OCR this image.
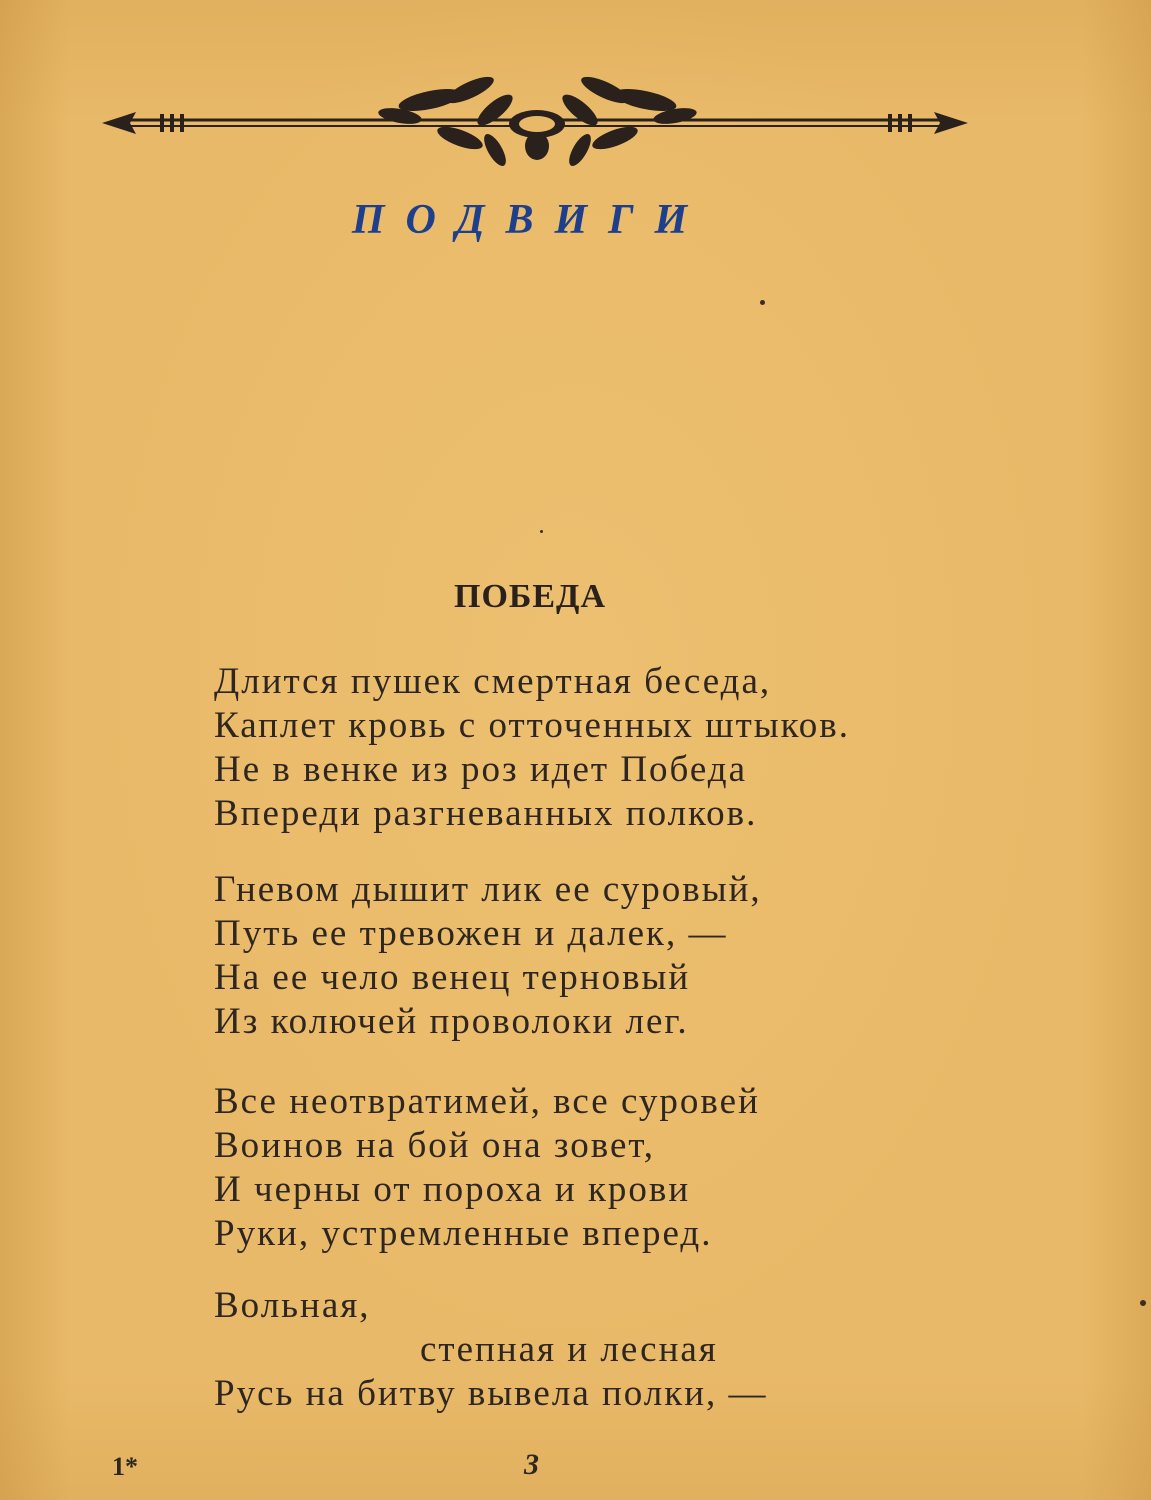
ПОДВИГИ
ПОБЕДА
Длится пушек смертная беседа,
Каплет кровь с отточенных штыков.
Не в венке из роз идет Победа
Впереди разгневанных полков.
Гневом дышит лик ее суровый,
Путь ее тревожен и далек, —
На ее чело венец терновый
Из колючей проволоки лег.
Все неотвратимей, все суровей
Воинов на бой она зовет,
И черны от пороха и крови
Руки, устремленные вперед.
Вольная,
степная и лесная
Русь на битву вывела полки, —
1*	3
